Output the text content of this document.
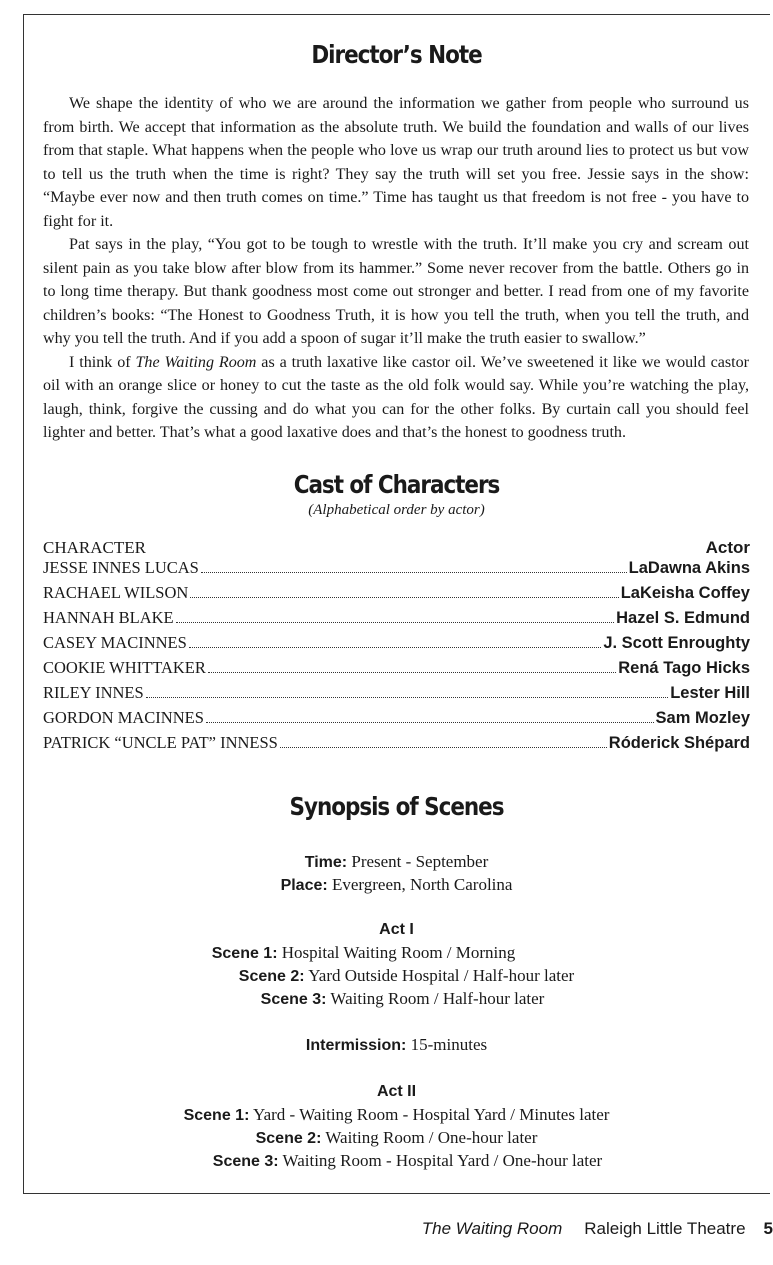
Director’s Note

We shape the identity of who we are around the information we gather from people who surround us from birth. We accept that information as the absolute truth. We build the foundation and walls of our lives from that staple. What happens when the people who love us wrap our truth around lies to protect us but vow to tell us the truth when the time is right? They say the truth will set you free. Jessie says in the show: “Maybe ever now and then truth comes on time.” Time has taught us that freedom is not free - you have to fight for it.

Pat says in the play, “You got to be tough to wrestle with the truth. It’ll make you cry and scream out silent pain as you take blow after blow from its hammer.” Some never recover from the battle. Others go in to long time therapy. But thank goodness most come out stronger and better. I read from one of my favorite children’s books: “The Honest to Goodness Truth, it is how you tell the truth, when you tell the truth, and why you tell the truth. And if you add a spoon of sugar it’ll make the truth easier to swallow.”

I think of The Waiting Room as a truth laxative like castor oil. We’ve sweetened it like we would castor oil with an orange slice or honey to cut the taste as the old folk would say. While you’re watching the play, laugh, think, forgive the cussing and do what you can for the other folks. By curtain call you should feel lighter and better. That’s what a good laxative does and that’s the honest to goodness truth.

Cast of Characters
(Alphabetical order by actor)
CHARACTER	Actor
JESSE INNES LUCAS	LaDawna Akins
RACHAEL WILSON	LaKeisha Coffey
HANNAH BLAKE	Hazel S. Edmund
CASEY MACINNES	J. Scott Enroughty
COOKIE WHITTAKER	Rená Tago Hicks
RILEY INNES	Lester Hill
GORDON MACINNES	Sam Mozley
PATRICK “UNCLE PAT” INNESS	Róderick Shépard
Synopsis of Scenes
Time: Present - September
Place: Evergreen, North Carolina
Act I
Scene 1: Hospital Waiting Room / Morning
Scene 2: Yard Outside Hospital / Half-hour later
Scene 3: Waiting Room / Half-hour later
Intermission: 15-minutes
Act II
Scene 1: Yard - Waiting Room - Hospital Yard / Minutes later
Scene 2: Waiting Room / One-hour later
Scene 3: Waiting Room - Hospital Yard / One-hour later
The Waiting Room Raleigh Little Theatre 5
